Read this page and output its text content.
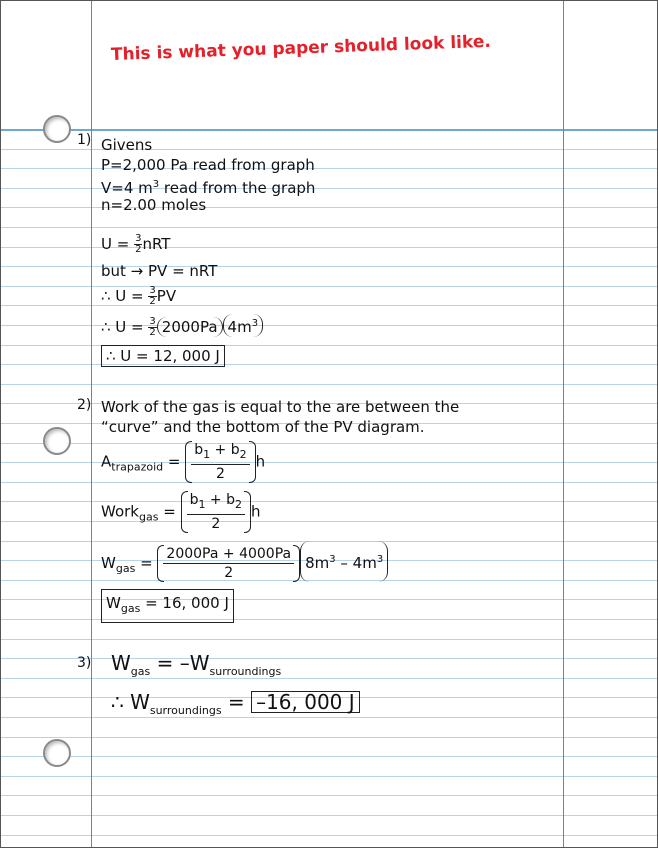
This is what you paper should look like.
1) Givens
P=2,000 Pa read from graph
V=4 $m^3$ read from the graph
n=2.00 moles
$U = \frac{3}{2}$ nRT
but → PV = nRT
∴ $U = \frac{3}{2}$ PV
∴ $U = \frac{3}{2} 2000Pa$ $4m^3$
∴ U = 12, 000 J
2) Work of the gas is equal to the are between the
“curve” and the bottom of the PV diagram.
$A_{trapazoid} = \frac{b_1 + b_2}{2}$ h
Work$_{gas}$ = $\frac{b_1 + b_2}{2}$ h
$W_{gas} = \frac{2000Pa + 4000Pa}{2} 8m^3 - 4m^3$
$W_{gas} = 16$, 000 J
3) $W_{gas} = -W_{surroundings}$
∴ $W_{surroundings} = -16$, 000 J
